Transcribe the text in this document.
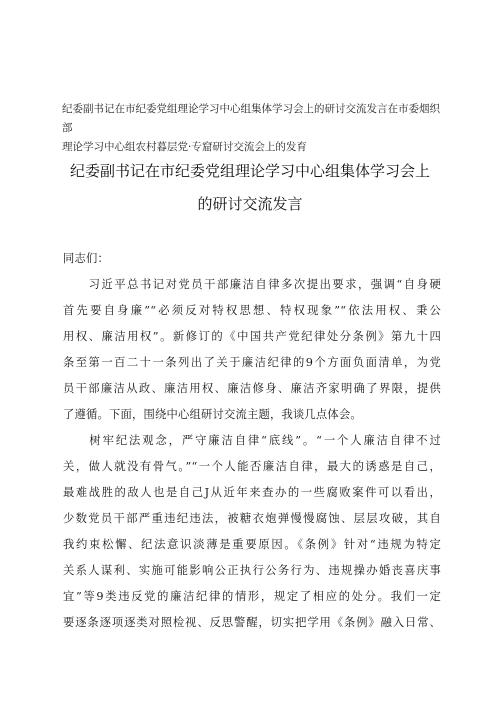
纪委副书记在市纪委党组理论学习中心组集体学习会上的研讨交流发言在市委烟织部
理论学习中心组农村暮层党·专窟研讨交流会上的发育
纪委副书记在市纪委党组理论学习中心组集体学习会上
的研讨交流发言

同志们：

　　习近平总书记对党员干部廉洁自律多次提出要求，强调“自身硬
首先要自身廉”“必须反对特权思想、特权现象”“依法用权、秉公
用权、廉洁用权”。新修订的《中国共产党纪律处分条例》第九十四
条至第一百二十一条列出了关于廉洁纪律的9个方面负面清单，为党
员干部廉洁从政、廉洁用权、廉洁修身、廉洁齐家明确了界限，提供
了遵循。下面，围绕中心组研讨交流主题，我谈几点体会。

　　树牢纪法观念，严守廉洁自律“底线”。“一个人廉洁自律不过
关，做人就没有骨气。”“一个人能否廉洁自律，最大的诱惑是自己，
最难战胜的敌人也是自己J从近年来查办的一些腐败案件可以看出，
少数党员干部严重违纪违法，被糖衣炮弹慢慢腐蚀、层层攻破，其自
我约束松懈、纪法意识淡薄是重要原因。《条例》针对“违规为特定
关系人谋利、实施可能影响公正执行公务行为、违规操办婚丧喜庆事
宜”等9类违反党的廉洁纪律的情形，规定了相应的处分。我们一定
要逐条逐项逐类对照检视、反思警醒，切实把学用《条例》融入日常、
